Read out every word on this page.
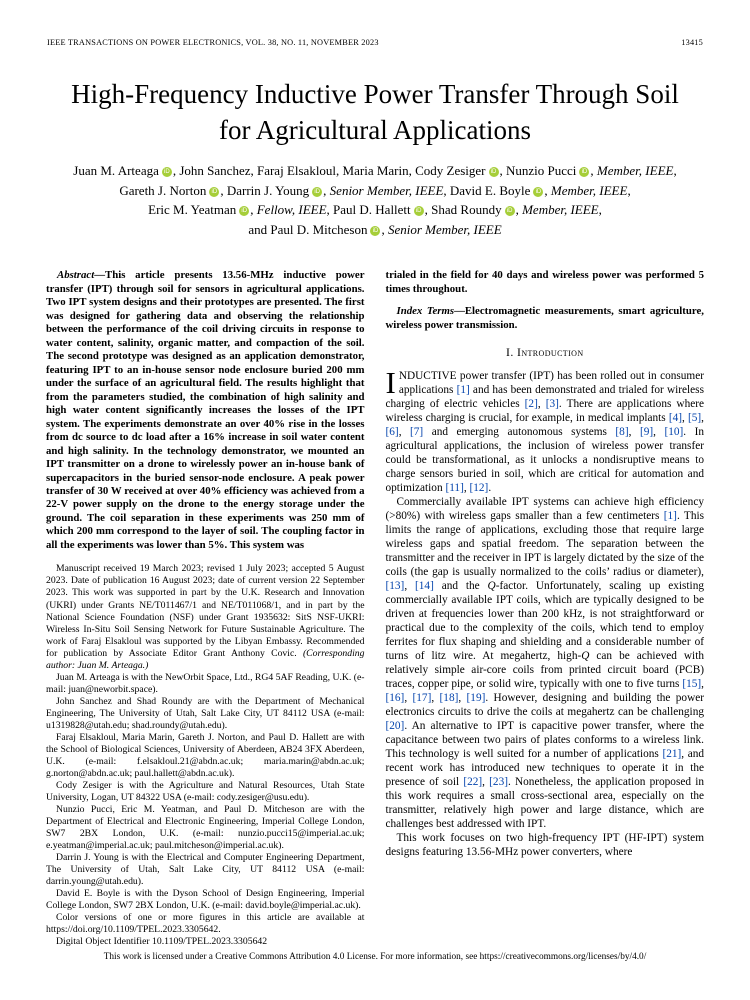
IEEE TRANSACTIONS ON POWER ELECTRONICS, VOL. 38, NO. 11, NOVEMBER 2023	13415
High-Frequency Inductive Power Transfer Through Soil for Agricultural Applications
Juan M. Arteaga iD , John Sanchez, Faraj Elsakloul, Maria Marin, Cody Zesiger iD , Nunzio Pucci iD , Member, IEEE,
Gareth J. Norton iD , Darrin J. Young iD , Senior Member, IEEE, David E. Boyle iD , Member, IEEE,
Eric M. Yeatman iD , Fellow, IEEE, Paul D. Hallett iD , Shad Roundy iD , Member, IEEE,
and Paul D. Mitcheson iD , Senior Member, IEEE

Abstract—This article presents 13.56-MHz inductive power transfer (IPT) through soil for sensors in agricultural applications. Two IPT system designs and their prototypes are presented. The first was designed for gathering data and observing the relationship between the performance of the coil driving circuits in response to water content, salinity, organic matter, and compaction of the soil. The second prototype was designed as an application demonstrator, featuring IPT to an in-house sensor node enclosure buried 200 mm under the surface of an agricultural field. The results highlight that from the parameters studied, the combination of high salinity and high water content significantly increases the losses of the IPT system. The experiments demonstrate an over 40% rise in the losses from dc source to dc load after a 16% increase in soil water content and high salinity. In the technology demonstrator, we mounted an IPT transmitter on a drone to wirelessly power an in-house bank of supercapacitors in the buried sensor-node enclosure. A peak power transfer of 30 W received at over 40% efficiency was achieved from a 22-V power supply on the drone to the energy storage under the ground. The coil separation in these experiments was 250 mm of which 200 mm correspond to the layer of soil. The coupling factor in all the experiments was lower than 5%. This system was

Manuscript received 19 March 2023; revised 1 July 2023; accepted 5 August 2023. Date of publication 16 August 2023; date of current version 22 September 2023. This work was supported in part by the U.K. Research and Innovation (UKRI) under Grants NE/T011467/1 and NE/T011068/1, and in part by the National Science Foundation (NSF) under Grant 1935632: SitS NSF-UKRI: Wireless In-Situ Soil Sensing Network for Future Sustainable Agriculture. The work of Faraj Elsakloul was supported by the Libyan Embassy. Recommended for publication by Associate Editor Grant Anthony Covic. (Corresponding author: Juan M. Arteaga.)

Juan M. Arteaga is with the NewOrbit Space, Ltd., RG4 5AF Reading, U.K. (e-mail: juan@neworbit.space).

John Sanchez and Shad Roundy are with the Department of Mechanical Engineering, The University of Utah, Salt Lake City, UT 84112 USA (e-mail: u1319828@utah.edu; shad.roundy@utah.edu).

Faraj Elsakloul, Maria Marin, Gareth J. Norton, and Paul D. Hallett are with the School of Biological Sciences, University of Aberdeen, AB24 3FX Aberdeen, U.K. (e-mail: f.elsakloul.21@abdn.ac.uk; maria.marin@abdn.ac.uk; g.norton@abdn.ac.uk; paul.hallett@abdn.ac.uk).

Cody Zesiger is with the Agriculture and Natural Resources, Utah State University, Logan, UT 84322 USA (e-mail: cody.zesiger@usu.edu).

Nunzio Pucci, Eric M. Yeatman, and Paul D. Mitcheson are with the Department of Electrical and Electronic Engineering, Imperial College London, SW7 2BX London, U.K. (e-mail: nunzio.pucci15@imperial.ac.uk; e.yeatman@imperial.ac.uk; paul.mitcheson@imperial.ac.uk).

Darrin J. Young is with the Electrical and Computer Engineering Department, The University of Utah, Salt Lake City, UT 84112 USA (e-mail: darrin.young@utah.edu).

David E. Boyle is with the Dyson School of Design Engineering, Imperial College London, SW7 2BX London, U.K. (e-mail: david.boyle@imperial.ac.uk).

Color versions of one or more figures in this article are available at https://doi.org/10.1109/TPEL.2023.3305642.

Digital Object Identifier 10.1109/TPEL.2023.3305642

trialed in the field for 40 days and wireless power was performed 5 times throughout.

Index Terms—Electromagnetic measurements, smart agriculture, wireless power transmission.

I. Introduction

INDUCTIVE power transfer (IPT) has been rolled out in consumer applications [1] and has been demonstrated and trialed for wireless charging of electric vehicles [2], [3]. There are applications where wireless charging is crucial, for example, in medical implants [4], [5], [6], [7] and emerging autonomous systems [8], [9], [10]. In agricultural applications, the inclusion of wireless power transfer could be transformational, as it unlocks a nondisruptive means to charge sensors buried in soil, which are critical for automation and optimization [11], [12].

Commercially available IPT systems can achieve high efficiency (>80%) with wireless gaps smaller than a few centimeters [1]. This limits the range of applications, excluding those that require large wireless gaps and spatial freedom. The separation between the transmitter and the receiver in IPT is largely dictated by the size of the coils (the gap is usually normalized to the coils’ radius or diameter), [13], [14] and the Q-factor. Unfortunately, scaling up existing commercially available IPT coils, which are typically designed to be driven at frequencies lower than 200 kHz, is not straightforward or practical due to the complexity of the coils, which tend to employ ferrites for flux shaping and shielding and a considerable number of turns of litz wire. At megahertz, high-Q can be achieved with relatively simple air-core coils from printed circuit board (PCB) traces, copper pipe, or solid wire, typically with one to five turns [15], [16], [17], [18], [19]. However, designing and building the power electronics circuits to drive the coils at megahertz can be challenging [20]. An alternative to IPT is capacitive power transfer, where the capacitance between two pairs of plates conforms to a wireless link. This technology is well suited for a number of applications [21], and recent work has introduced new techniques to operate it in the presence of soil [22], [23]. Nonetheless, the application proposed in this work requires a small cross-sectional area, especially on the transmitter, relatively high power and large distance, which are challenges best addressed with IPT.

This work focuses on two high-frequency IPT (HF-IPT) system designs featuring 13.56-MHz power converters, where

This work is licensed under a Creative Commons Attribution 4.0 License. For more information, see https://creativecommons.org/licenses/by/4.0/
